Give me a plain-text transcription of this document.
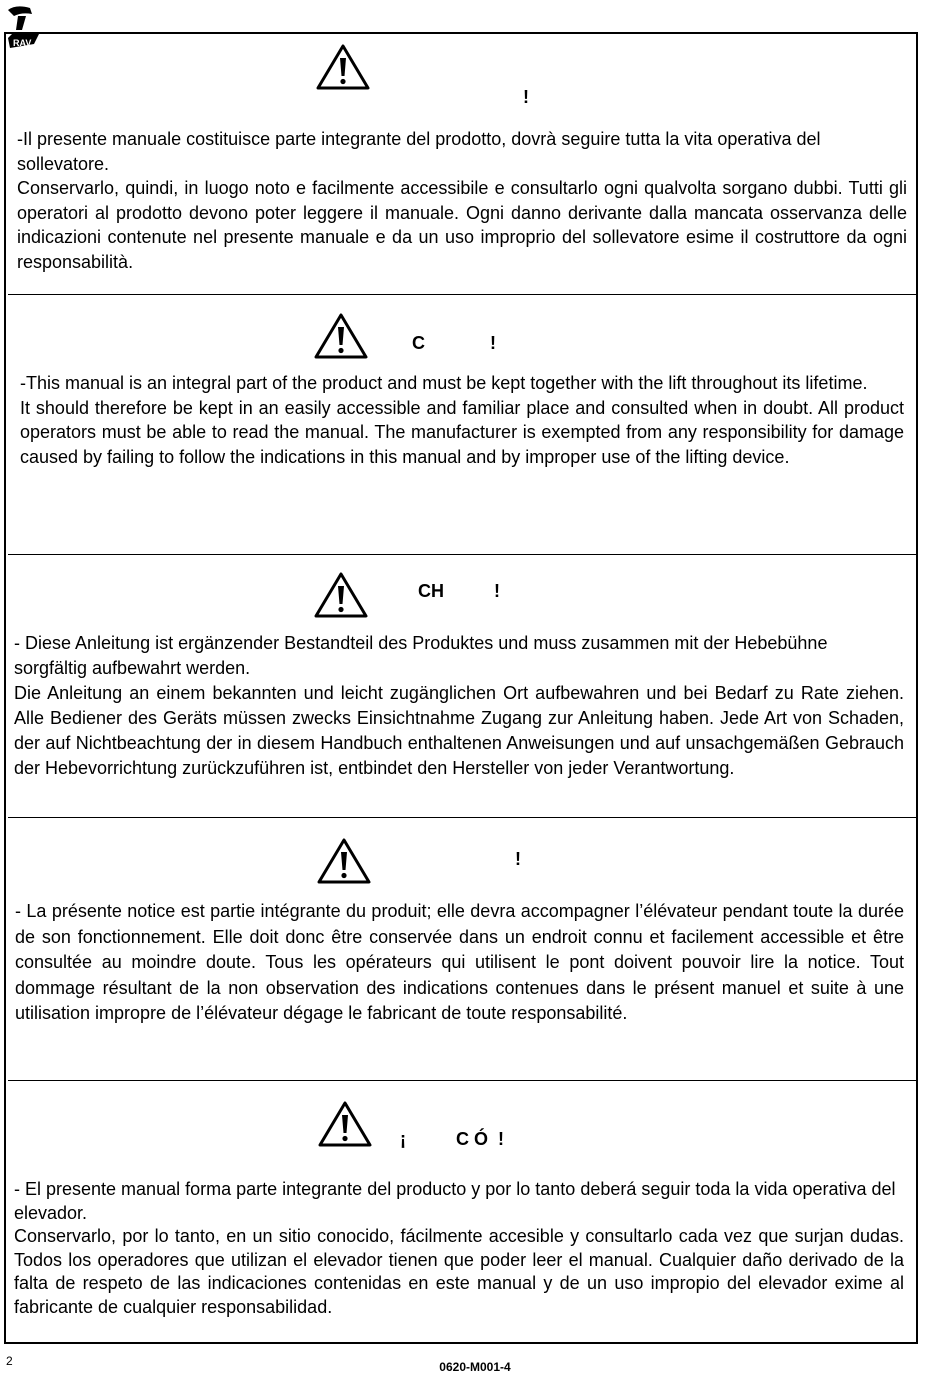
RAV
!

-Il presente manuale costituisce parte integrante del prodotto, dovrà seguire tutta la vita operativa del sollevatore.

Conservarlo, quindi, in luogo noto e facilmente accessibile e consultarlo ogni qualvolta sorgano dubbi. Tutti gli operatori al prodotto devono poter leggere il manuale. Ogni danno derivante dalla mancata osservanza delle indicazioni contenute nel presente manuale e da un uso improprio del sollevatore esime il costruttore da ogni responsabilità.

C             !

-This manual is an integral part of the product and must be kept together with the lift throughout its lifetime.

It should therefore be kept in an easily accessible and familiar place and consulted when in doubt. All product operators must be able to read the manual. The manufacturer is exempted from any responsibility for damage caused by failing to follow the indications in this manual and by improper use of the lifting device.

CH          !

- Diese Anleitung ist ergänzender Bestandteil des Produktes und muss zusammen mit der Hebebühne sorgfältig aufbewahrt werden.

Die Anleitung an einem bekannten und leicht zugänglichen Ort aufbewahren und bei Bedarf zu Rate ziehen. Alle Bediener des Geräts müssen zwecks Einsichtnahme Zugang zur Anleitung haben. Jede Art von Schaden, der auf Nichtbeachtung der in diesem Handbuch enthaltenen Anweisungen und auf unsachgemäßen Gebrauch der Hebevorrichtung zurückzuführen ist, entbindet den Hersteller von jeder Verantwortung.

!

- La présente notice est partie intégrante du produit; elle devra accompagner l’élévateur pendant toute la durée de son fonctionnement. Elle doit donc être conservée dans un endroit connu et facilement accessible et être consultée au moindre doute. Tous les opérateurs qui utilisent le pont doivent pouvoir lire la notice. Tout dommage résultant de la non observation des indications contenues dans le présent manuel et suite à une utilisation impropre de l’élévateur dégage le fabricant de toute responsabilité.

¡          C Ó  !

- El presente manual forma parte integrante del producto y por lo tanto deberá seguir toda la vida operativa del elevador.

Conservarlo, por lo tanto, en un sitio conocido, fácilmente accesible y consultarlo cada vez que surjan dudas. Todos los operadores que utilizan el elevador tienen que poder leer el manual. Cualquier daño derivado de la falta de respeto de las indicaciones contenidas en este manual y de un uso impropio del elevador exime al fabricante de cualquier responsabilidad.

2	0620-M001-4
